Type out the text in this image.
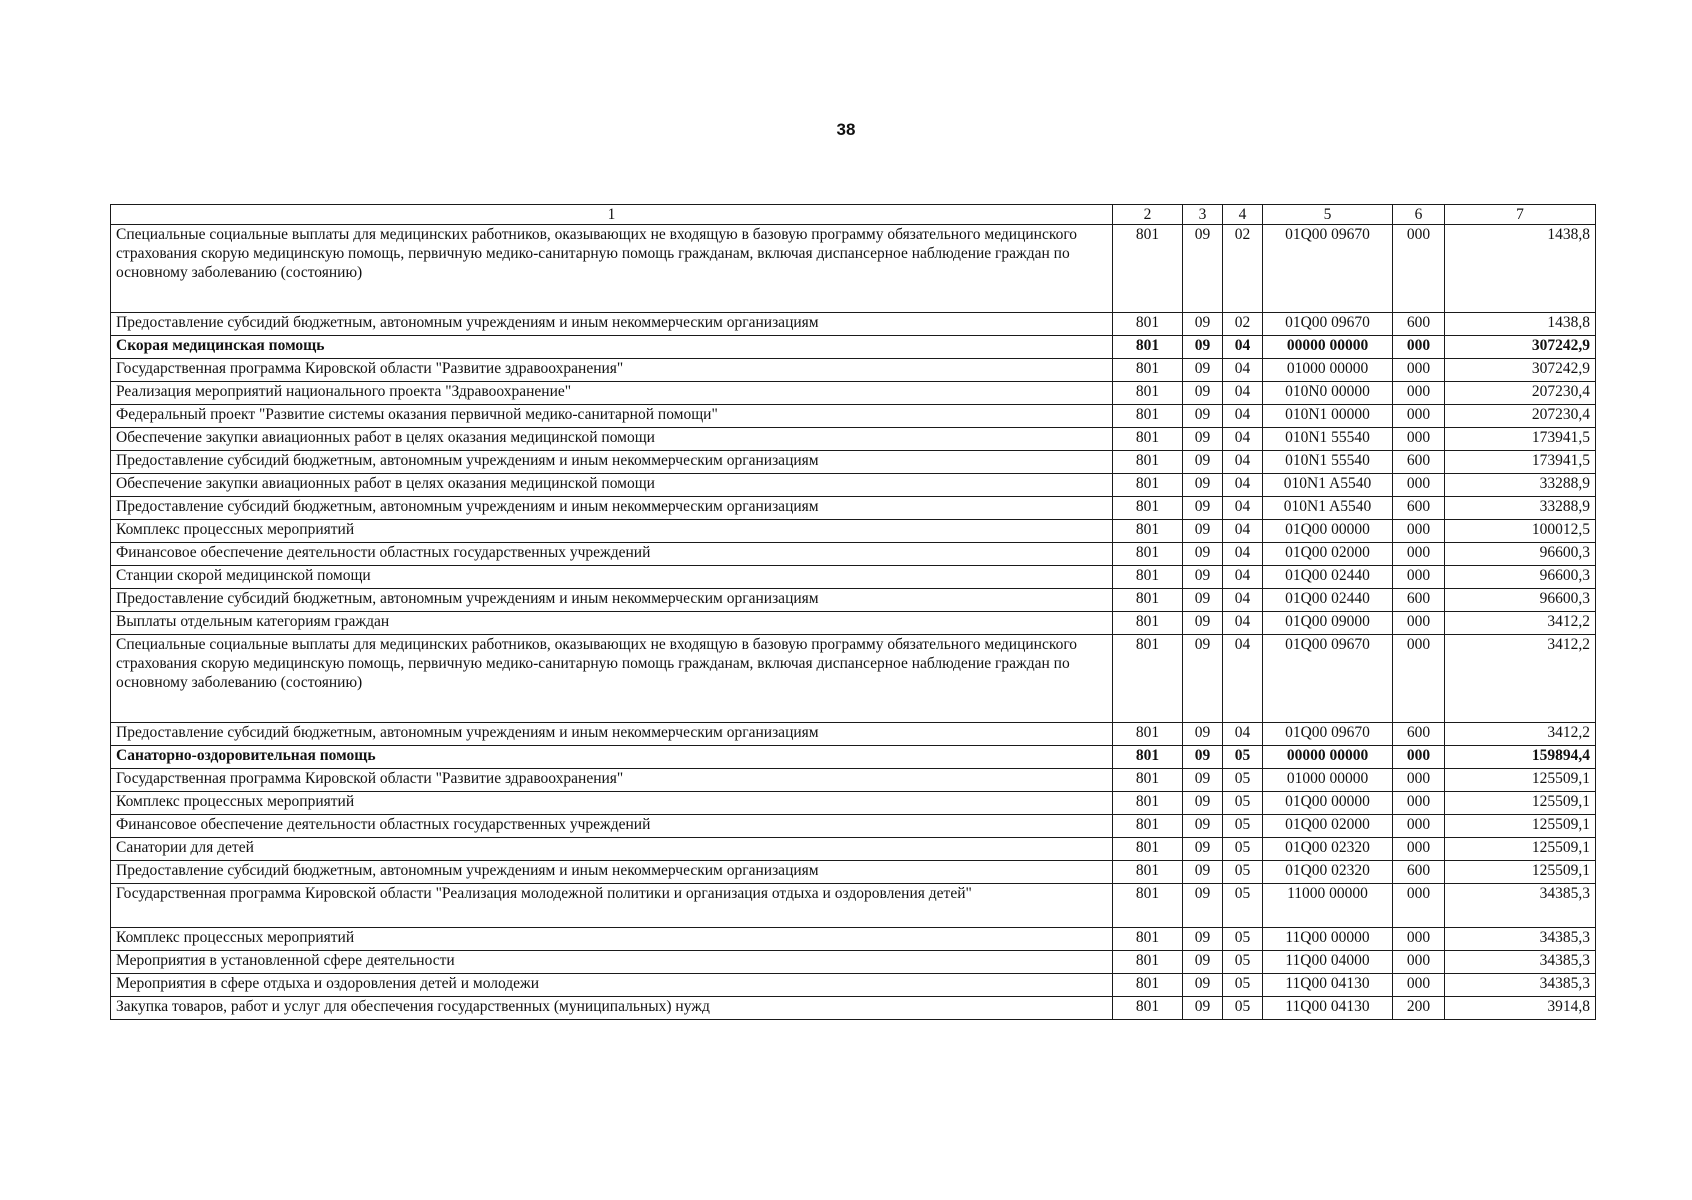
38
1	2	3	4	5	6	7
Специальные социальные выплаты для медицинских работников, оказывающих не входящую в базовую программу обязательного медицинского страхования скорую медицинскую помощь, первичную медико-санитарную помощь гражданам, включая диспансерное наблюдение граждан по основному заболеванию (состоянию)	801	09	02	01Q00 09670	000	1438,8
Предоставление субсидий бюджетным, автономным учреждениям и иным некоммерческим организациям	801	09	02	01Q00 09670	600	1438,8
Скорая медицинская помощь	801	09	04	00000 00000	000	307242,9
Государственная программа Кировской области "Развитие здравоохранения"	801	09	04	01000 00000	000	307242,9
Реализация мероприятий национального проекта "Здравоохранение"	801	09	04	010N0 00000	000	207230,4
Федеральный проект "Развитие системы оказания первичной медико-санитарной помощи"	801	09	04	010N1 00000	000	207230,4
Обеспечение закупки авиационных работ в целях оказания медицинской помощи	801	09	04	010N1 55540	000	173941,5
Предоставление субсидий бюджетным, автономным учреждениям и иным некоммерческим организациям	801	09	04	010N1 55540	600	173941,5
Обеспечение закупки авиационных работ в целях оказания медицинской помощи	801	09	04	010N1 A5540	000	33288,9
Предоставление субсидий бюджетным, автономным учреждениям и иным некоммерческим организациям	801	09	04	010N1 A5540	600	33288,9
Комплекс процессных мероприятий	801	09	04	01Q00 00000	000	100012,5
Финансовое обеспечение деятельности областных государственных учреждений	801	09	04	01Q00 02000	000	96600,3
Станции скорой медицинской помощи	801	09	04	01Q00 02440	000	96600,3
Предоставление субсидий бюджетным, автономным учреждениям и иным некоммерческим организациям	801	09	04	01Q00 02440	600	96600,3
Выплаты отдельным категориям граждан	801	09	04	01Q00 09000	000	3412,2
Специальные социальные выплаты для медицинских работников, оказывающих не входящую в базовую программу обязательного медицинского страхования скорую медицинскую помощь, первичную медико-санитарную помощь гражданам, включая диспансерное наблюдение граждан по основному заболеванию (состоянию)	801	09	04	01Q00 09670	000	3412,2
Предоставление субсидий бюджетным, автономным учреждениям и иным некоммерческим организациям	801	09	04	01Q00 09670	600	3412,2
Санаторно-оздоровительная помощь	801	09	05	00000 00000	000	159894,4
Государственная программа Кировской области "Развитие здравоохранения"	801	09	05	01000 00000	000	125509,1
Комплекс процессных мероприятий	801	09	05	01Q00 00000	000	125509,1
Финансовое обеспечение деятельности областных государственных учреждений	801	09	05	01Q00 02000	000	125509,1
Санатории для детей	801	09	05	01Q00 02320	000	125509,1
Предоставление субсидий бюджетным, автономным учреждениям и иным некоммерческим организациям	801	09	05	01Q00 02320	600	125509,1
Государственная программа Кировской области "Реализация молодежной политики и организация отдыха и оздоровления детей"	801	09	05	11000 00000	000	34385,3
Комплекс процессных мероприятий	801	09	05	11Q00 00000	000	34385,3
Мероприятия в установленной сфере деятельности	801	09	05	11Q00 04000	000	34385,3
Мероприятия в сфере отдыха и оздоровления детей и молодежи	801	09	05	11Q00 04130	000	34385,3
Закупка товаров, работ и услуг для обеспечения государственных (муниципальных) нужд	801	09	05	11Q00 04130	200	3914,8
